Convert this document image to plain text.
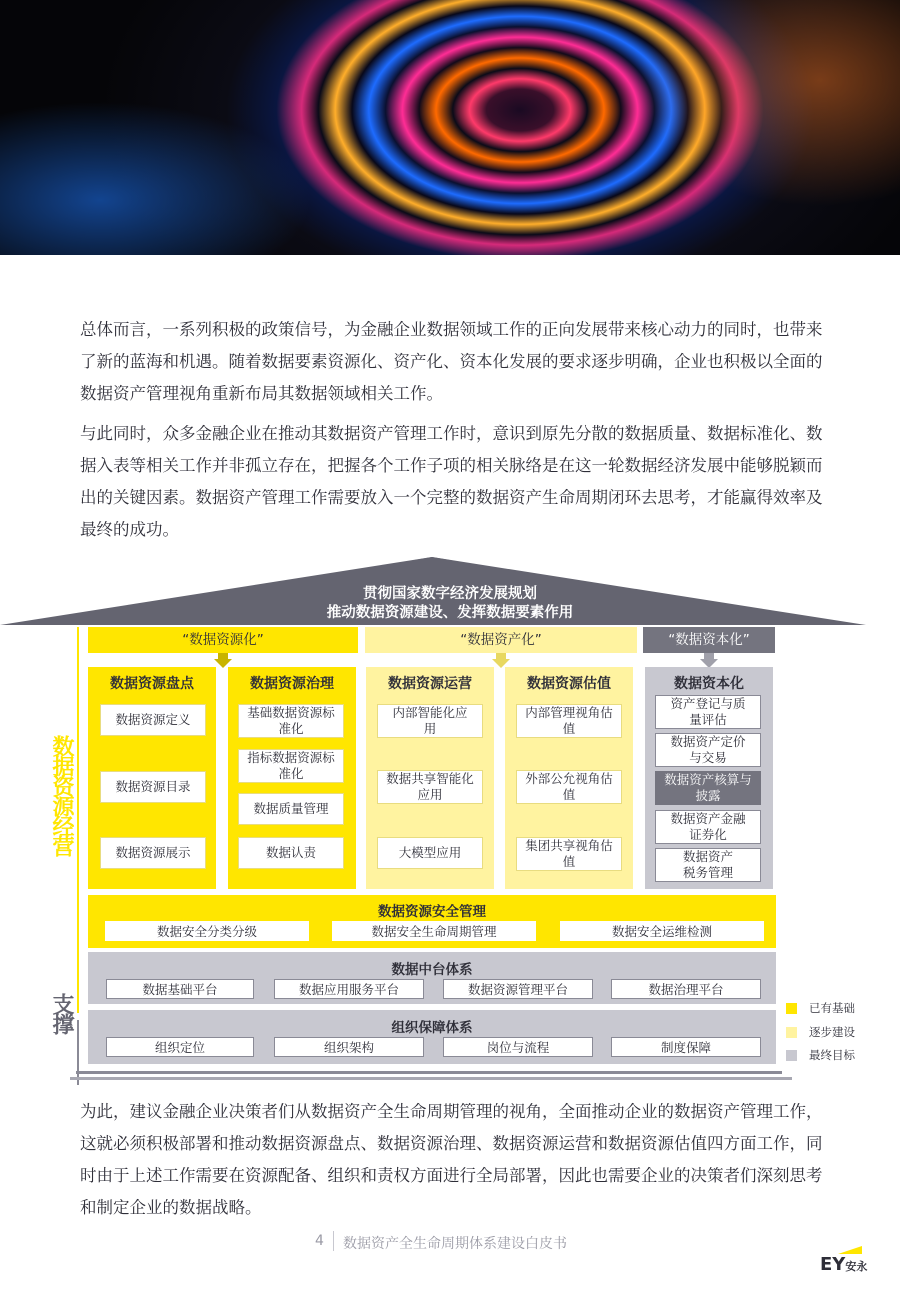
总体而言，一系列积极的政策信号，为金融企业数据领域工作的正向发展带来核心动力的同时，也带来了新的蓝海和机遇。随着数据要素资源化、资产化、资本化发展的要求逐步明确，企业也积极以全面的数据资产管理视角重新布局其数据领域相关工作。

与此同时，众多金融企业在推动其数据资产管理工作时，意识到原先分散的数据质量、数据标准化、数据入表等相关工作并非孤立存在，把握各个工作子项的相关脉络是在这一轮数据经济发展中能够脱颖而出的关键因素。数据资产管理工作需要放入一个完整的数据资产生命周期闭环去思考，才能赢得效率及最终的成功。

贯彻国家数字经济发展规划
推动数据资源建设、发挥数据要素作用
数据资源经营
支撑
“数据资源化”	“数据资产化”	“数据资本化”
数据资源盘点
数据资源定义
数据资源目录
数据资源展示
数据资源治理
基础数据资源标准化
指标数据资源标准化
数据质量管理
数据认责
数据资源运营
内部智能化应用
数据共享智能化应用
大模型应用
数据资源估值
内部管理视角估值
外部公允视角估值
集团共享视角估值
数据资本化
资产登记与质量评估
数据资产定价与交易
数据资产核算与披露
数据资产金融证券化
数据资产税务管理
数据资源安全管理
数据安全分类分级	数据安全生命周期管理	数据安全运维检测
数据中台体系
数据基础平台	数据应用服务平台	数据资源管理平台	数据治理平台
组织保障体系
组织定位	组织架构	岗位与流程	制度保障
已有基础
逐步建设
最终目标

为此，建议金融企业决策者们从数据资产全生命周期管理的视角，全面推动企业的数据资产管理工作，这就必须积极部署和推动数据资源盘点、数据资源治理、数据资源运营和数据资源估值四方面工作，同时由于上述工作需要在资源配备、组织和责权方面进行全局部署，因此也需要企业的决策者们深刻思考和制定企业的数据战略。

4 数据资产全生命周期体系建设白皮书
EY安永
